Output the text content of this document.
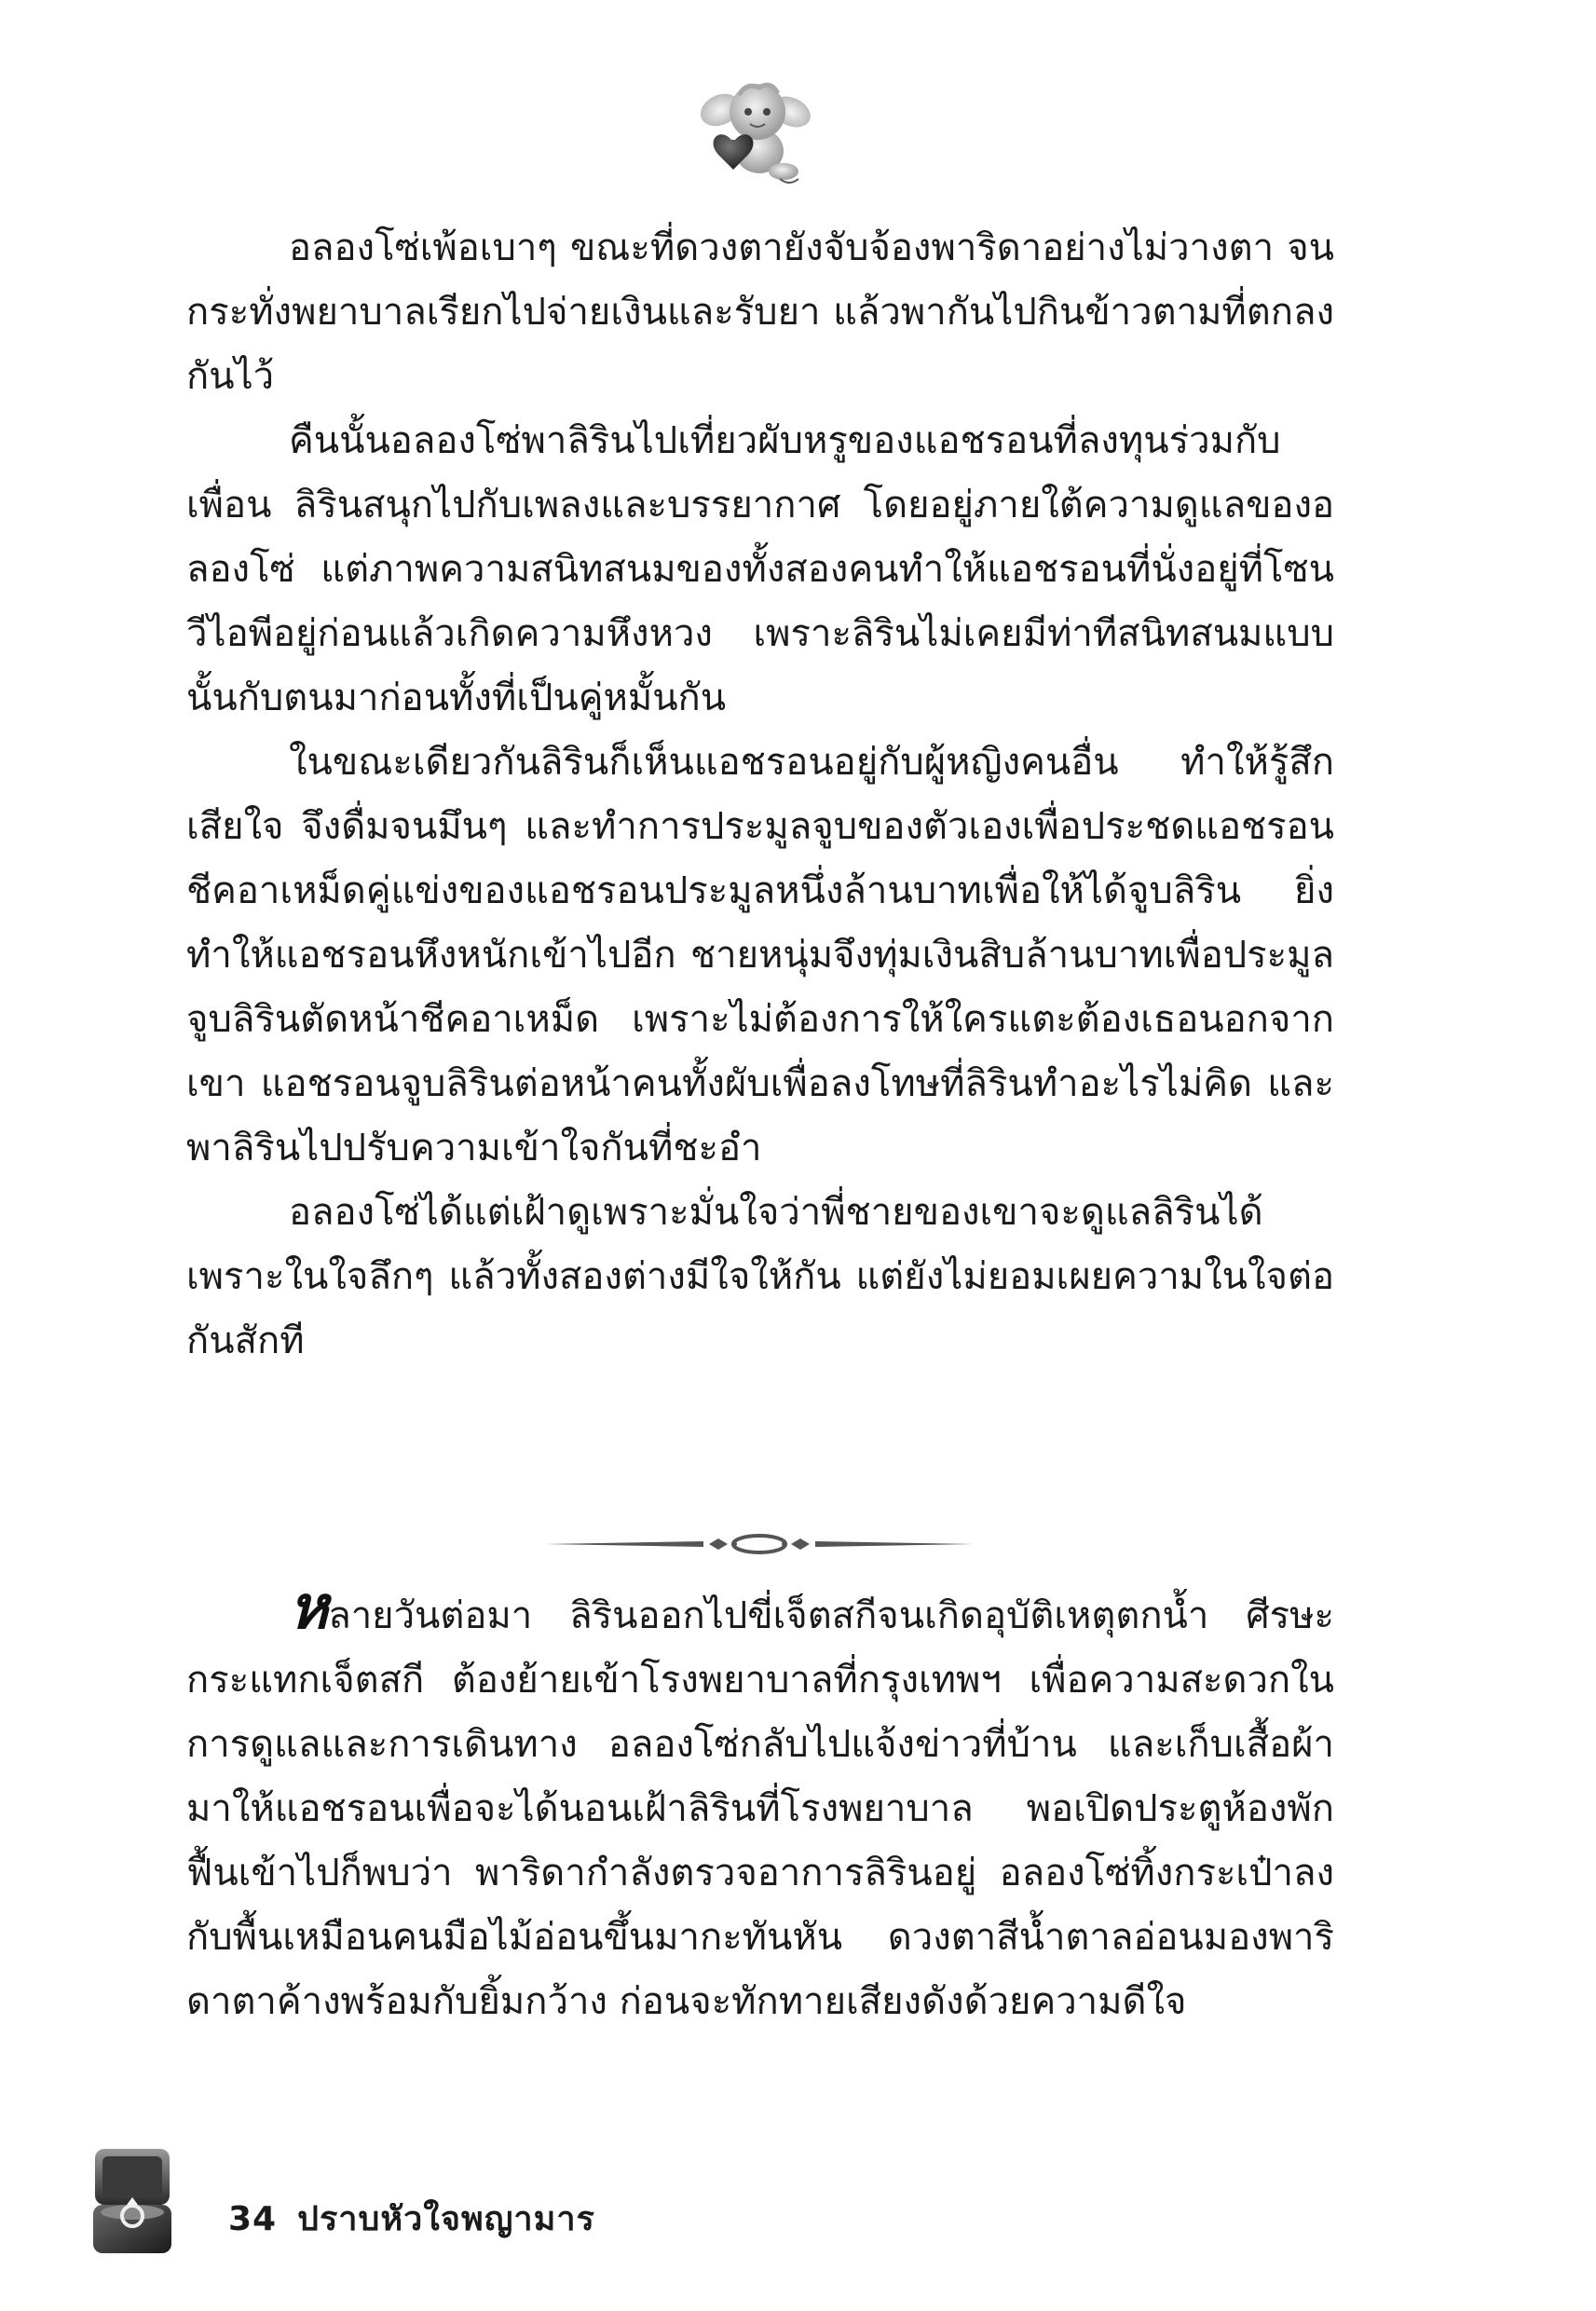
อลองโซ่เพ้อเบาๆ ขณะที่ดวงตายังจับจ้องพาริดาอย่างไม่วางตา จนกระทั่งพยาบาลเรียกไปจ่ายเงินและรับยา แล้วพากันไปกินข้าวตามที่ตกลงกันไว้

คืนนั้นอลองโซ่พาลิรินไปเที่ยวผับหรูของแอชรอนที่ลงทุนร่วมกับเพื่อน ลิรินสนุกไปกับเพลงและบรรยากาศ โดยอยู่ภายใต้ความดูแลของอลองโซ่ แต่ภาพความสนิทสนมของทั้งสองคนทำให้แอชรอนที่นั่งอยู่ที่โซนวีไอพีอยู่ก่อนแล้วเกิดความหึงหวง เพราะลิรินไม่เคยมีท่าทีสนิทสนมแบบนั้นกับตนมาก่อนทั้งที่เป็นคู่หมั้นกัน

ในขณะเดียวกันลิรินก็เห็นแอชรอนอยู่กับผู้หญิงคนอื่น ทำให้รู้สึกเสียใจ จึงดื่มจนมึนๆ และทำการประมูลจูบของตัวเองเพื่อประชดแอชรอน ชีคอาเหม็ดคู่แข่งของแอชรอนประมูลหนึ่งล้านบาทเพื่อให้ได้จูบลิริน ยิ่งทำให้แอชรอนหึงหนักเข้าไปอีก ชายหนุ่มจึงทุ่มเงินสิบล้านบาทเพื่อประมูลจูบลิรินตัดหน้าชีคอาเหม็ด เพราะไม่ต้องการให้ใครแตะต้องเธอนอกจากเขา แอชรอนจูบลิรินต่อหน้าคนทั้งผับเพื่อลงโทษที่ลิรินทำอะไรไม่คิด และพาลิรินไปปรับความเข้าใจกันที่ชะอำ

อลองโซ่ได้แต่เฝ้าดูเพราะมั่นใจว่าพี่ชายของเขาจะดูแลลิรินได้ เพราะในใจลึกๆ แล้วทั้งสองต่างมีใจให้กัน แต่ยังไม่ยอมเผยความในใจต่อกันสักที

หลายวันต่อมา ลิรินออกไปขี่เจ็ตสกีจนเกิดอุบัติเหตุตกน้ำ ศีรษะกระแทกเจ็ตสกี ต้องย้ายเข้าโรงพยาบาลที่กรุงเทพฯ เพื่อความสะดวกในการดูแลและการเดินทาง อลองโซ่กลับไปแจ้งข่าวที่บ้าน และเก็บเสื้อผ้ามาให้แอชรอนเพื่อจะได้นอนเฝ้าลิรินที่โรงพยาบาล พอเปิดประตูห้องพักฟื้นเข้าไปก็พบว่า พาริดากำลังตรวจอาการลิรินอยู่ อลองโซ่ทิ้งกระเป๋าลงกับพื้นเหมือนคนมือไม้อ่อนขึ้นมากะทันหัน ดวงตาสีน้ำตาลอ่อนมองพาริดาตาค้างพร้อมกับยิ้มกว้าง ก่อนจะทักทายเสียงดังด้วยความดีใจ

34 ปราบหัวใจพญามาร
